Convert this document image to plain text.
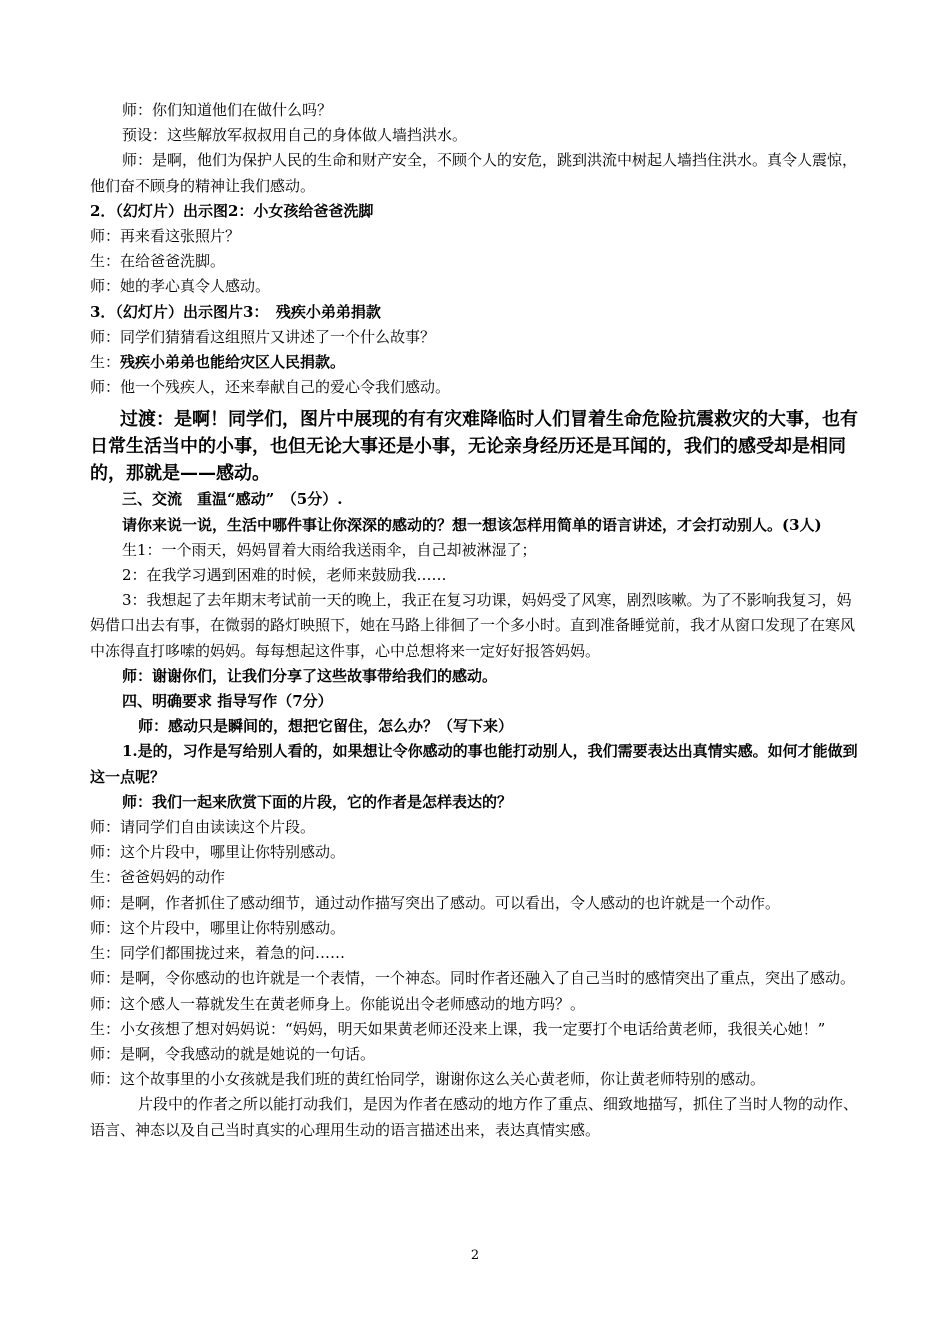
师：你们知道他们在做什么吗？

预设：这些解放军叔叔用自己的身体做人墙挡洪水。

师：是啊，他们为保护人民的生命和财产安全，不顾个人的安危，跳到洪流中树起人墙挡住洪水。真令人震惊，他们奋不顾身的精神让我们感动。

2．（幻灯片）出示图2：小女孩给爸爸洗脚

师：再来看这张照片？

生：在给爸爸洗脚。

师：她的孝心真令人感动。

3．（幻灯片）出示图片3：　残疾小弟弟捐款

师：同学们猜猜看这组照片又讲述了一个什么故事？

生：残疾小弟弟也能给灾区人民捐款。

师：他一个残疾人，还来奉献自己的爱心令我们感动。

过渡：是啊！同学们，图片中展现的有有灾难降临时人们冒着生命危险抗震救灾的大事，也有日常生活当中的小事，也但无论大事还是小事，无论亲身经历还是耳闻的，我们的感受却是相同的，那就是——感动。

三、交流　重温“感动”　（5分）.

请你来说一说，生活中哪件事让你深深的感动的？想一想该怎样用简单的语言讲述，才会打动别人。(3人)

生1：一个雨天，妈妈冒着大雨给我送雨伞，自己却被淋湿了；

2：在我学习遇到困难的时候，老师来鼓励我……

3：我想起了去年期末考试前一天的晚上，我正在复习功课，妈妈受了风寒，剧烈咳嗽。为了不影响我复习，妈妈借口出去有事，在微弱的路灯映照下，她在马路上徘徊了一个多小时。直到准备睡觉前，我才从窗口发现了在寒风中冻得直打哆嗦的妈妈。每每想起这件事，心中总想将来一定好好报答妈妈。

师：谢谢你们，让我们分享了这些故事带给我们的感动。

四、明确要求 指导写作（7分）

师：感动只是瞬间的，想把它留住，怎么办？（写下来）

1.是的，习作是写给别人看的，如果想让令你感动的事也能打动别人，我们需要表达出真情实感。如何才能做到这一点呢？

师：我们一起来欣赏下面的片段，它的作者是怎样表达的？

师：请同学们自由读读这个片段。

师：这个片段中，哪里让你特别感动。

生：爸爸妈妈的动作

师：是啊，作者抓住了感动细节，通过动作描写突出了感动。可以看出，令人感动的也许就是一个动作。

师：这个片段中，哪里让你特别感动。

生：同学们都围拢过来，着急的问……

师：是啊，令你感动的也许就是一个表情，一个神态。同时作者还融入了自己当时的感情突出了重点，突出了感动。

师：这个感人一幕就发生在黄老师身上。你能说出令老师感动的地方吗？。

生：小女孩想了想对妈妈说：“妈妈，明天如果黄老师还没来上课，我一定要打个电话给黄老师，我很关心她！”

师：是啊，令我感动的就是她说的一句话。

师：这个故事里的小女孩就是我们班的黄红怡同学，谢谢你这么关心黄老师，你让黄老师特别的感动。

片段中的作者之所以能打动我们，是因为作者在感动的地方作了重点、细致地描写，抓住了当时人物的动作、语言、神态以及自己当时真实的心理用生动的语言描述出来，表达真情实感。

2
